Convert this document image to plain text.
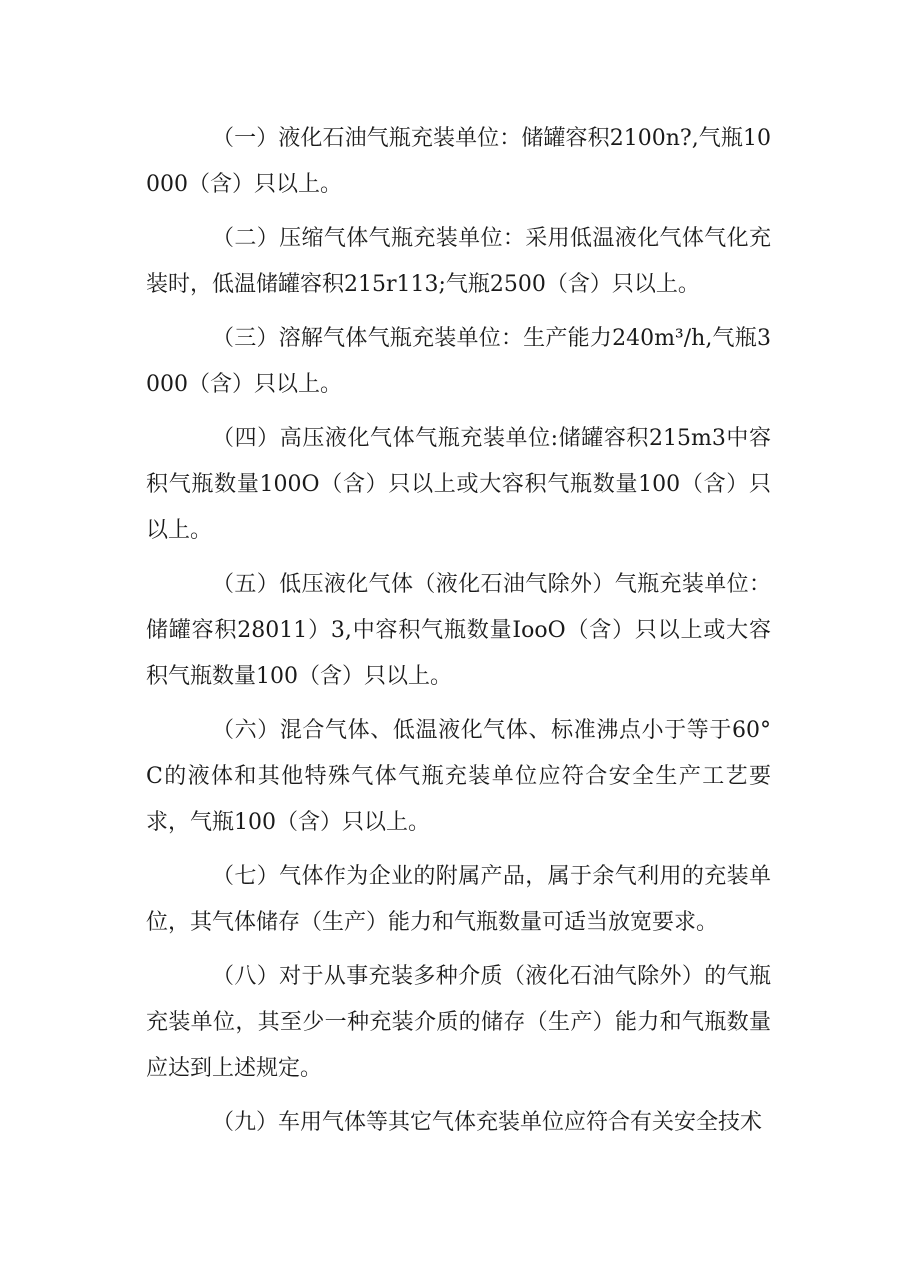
（一）液化石油气瓶充装单位：储罐容积2100n?,气瓶10000（含）只以上。

（二）压缩气体气瓶充装单位：采用低温液化气体气化充装时，低温储罐容积215r113;气瓶2500（含）只以上。

（三）溶解气体气瓶充装单位：生产能力240m³/h,气瓶3000（含）只以上。

（四）高压液化气体气瓶充装单位:储罐容积215m3中容积气瓶数量100O（含）只以上或大容积气瓶数量100（含）只以上。

（五）低压液化气体（液化石油气除外）气瓶充装单位：储罐容积28011）3,中容积气瓶数量IooO（含）只以上或大容积气瓶数量100（含）只以上。

（六）混合气体、低温液化气体、标准沸点小于等于60°C的液体和其他特殊气体气瓶充装单位应符合安全生产工艺要求，气瓶100（含）只以上。

（七）气体作为企业的附属产品，属于余气利用的充装单位，其气体储存（生产）能力和气瓶数量可适当放宽要求。

（八）对于从事充装多种介质（液化石油气除外）的气瓶充装单位，其至少一种充装介质的储存（生产）能力和气瓶数量应达到上述规定。

（九）车用气体等其它气体充装单位应符合有关安全技术
